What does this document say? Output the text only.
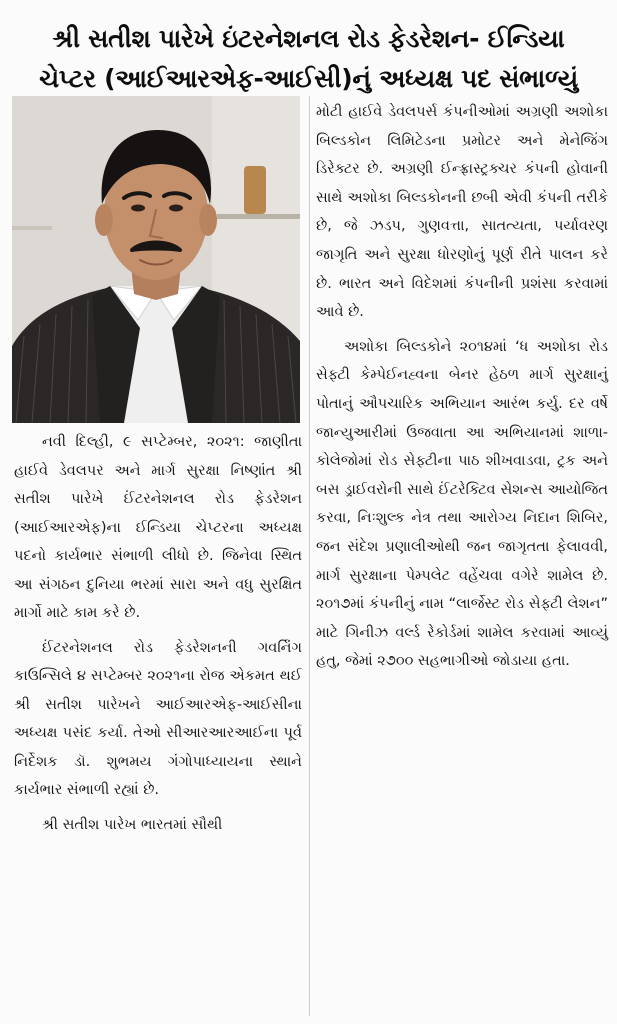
શ્રી સતીશ પારેખે ઇંટરનેશનલ રોડ ફેડરેશન- ઈન્ડિયા
ચેપ્ટર (આઈઆરએફ-આઈસી)નું અધ્યક્ષ પદ સંભાળ્યું

નવી દિલ્હી, ૯ સપ્ટેમ્બર, ૨૦૨૧: જાણીતા હાઈવે ડેવલપર અને માર્ગ સુરક્ષા નિષ્ણાંત શ્રી સતીશ પારેખે ઈંટરનેશનલ રોડ ફેડરેશન (આઈઆરએફ)ના ઈન્ડિયા ચેપ્ટરના અધ્યક્ષ પદનો કાર્યભાર સંભાળી લીધો છે. જિનેવા સ્થિત આ સંગઠન દુનિયા ભરમાં સારા અને વધુ સુરક્ષિત માર્ગો માટે કામ કરે છે.

ઈંટરનેશનલ રોડ ફેડરેશનની ગવર્નિંગ કાઉન્સિલે ૪ સપ્ટેમ્બર ૨૦૨૧ના રોજ એકમત થઈ શ્રી સતીશ પારેખને આઈઆરએફ-આઈસીના અધ્યક્ષ પસંદ કર્યા. તેઓ સીઆરઆરઆઈના પૂર્વ નિર્દેશક ડૉ. શુભમય ગંગોપાધ્યાયના સ્થાને કાર્યભાર સંભાળી રહ્યાં છે.

શ્રી સતીશ પારેખ ભારતમાં સૌથી

મોટી હાઈવે ડેવલપર્સ કંપનીઓમાં અગ્રણી અશોકા બિલ્ડકોન લિમિટેડના પ્રમોટર અને મેનેજિંગ ડિરેક્ટર છે. અગ્રણી ઈન્ફ્રાસ્ટ્રક્ચર કંપની હોવાની સાથે અશોકા બિલ્ડકોનની છબી એવી કંપની તરીકે છે, જે ઝડપ, ગુણવત્તા, સાતત્યતા, પર્યાવરણ જાગૃતિ અને સુરક્ષા ધોરણોનું પૂર્ણ રીતે પાલન કરે છે. ભારત અને વિદેશમાં કંપનીની પ્રશંસા કરવામાં આવે છે.

અશોકા બિલ્ડકોને ૨૦૧૪માં ‘ધ અશોકા રોડ સેફ્ટી કેમ્પેઈનહ્વના બેનર હેઠળ માર્ગ સુરક્ષાનું પોતાનું ઔપચારિક અભિયાન આરંભ કર્યુ. દર વર્ષે જાન્યુઆરીમાં ઉજવાતા આ અભિયાનમાં શાળા-કોલેજોમાં રોડ સેફ્ટીના પાઠ શીખવાડવા, ટ્રક અને બસ ડ્રાઈવરોની સાથે ઈંટરેક્ટિવ સેશન્સ આયોજિત કરવા, નિઃશુલ્ક નેત્ર તથા આરોગ્ય નિદાન શિબિર, જન સંદેશ પ્રણાલીઓથી જન જાગૃતતા ફેલાવવી, માર્ગ સુરક્ષાના પેમ્પલેટ વહેંચવા વગેરે શામેલ છે. ૨૦૧૭માં કંપનીનું નામ “લાર્જેસ્ટ રોડ સેફ્ટી લેશન” માટે ગિનીઝ વર્લ્ડ રેકોર્ડમાં શામેલ કરવામાં આવ્યું હતુ, જેમાં ૨૭૦૦ સહભાગીઓ જોડાયા હતા.
